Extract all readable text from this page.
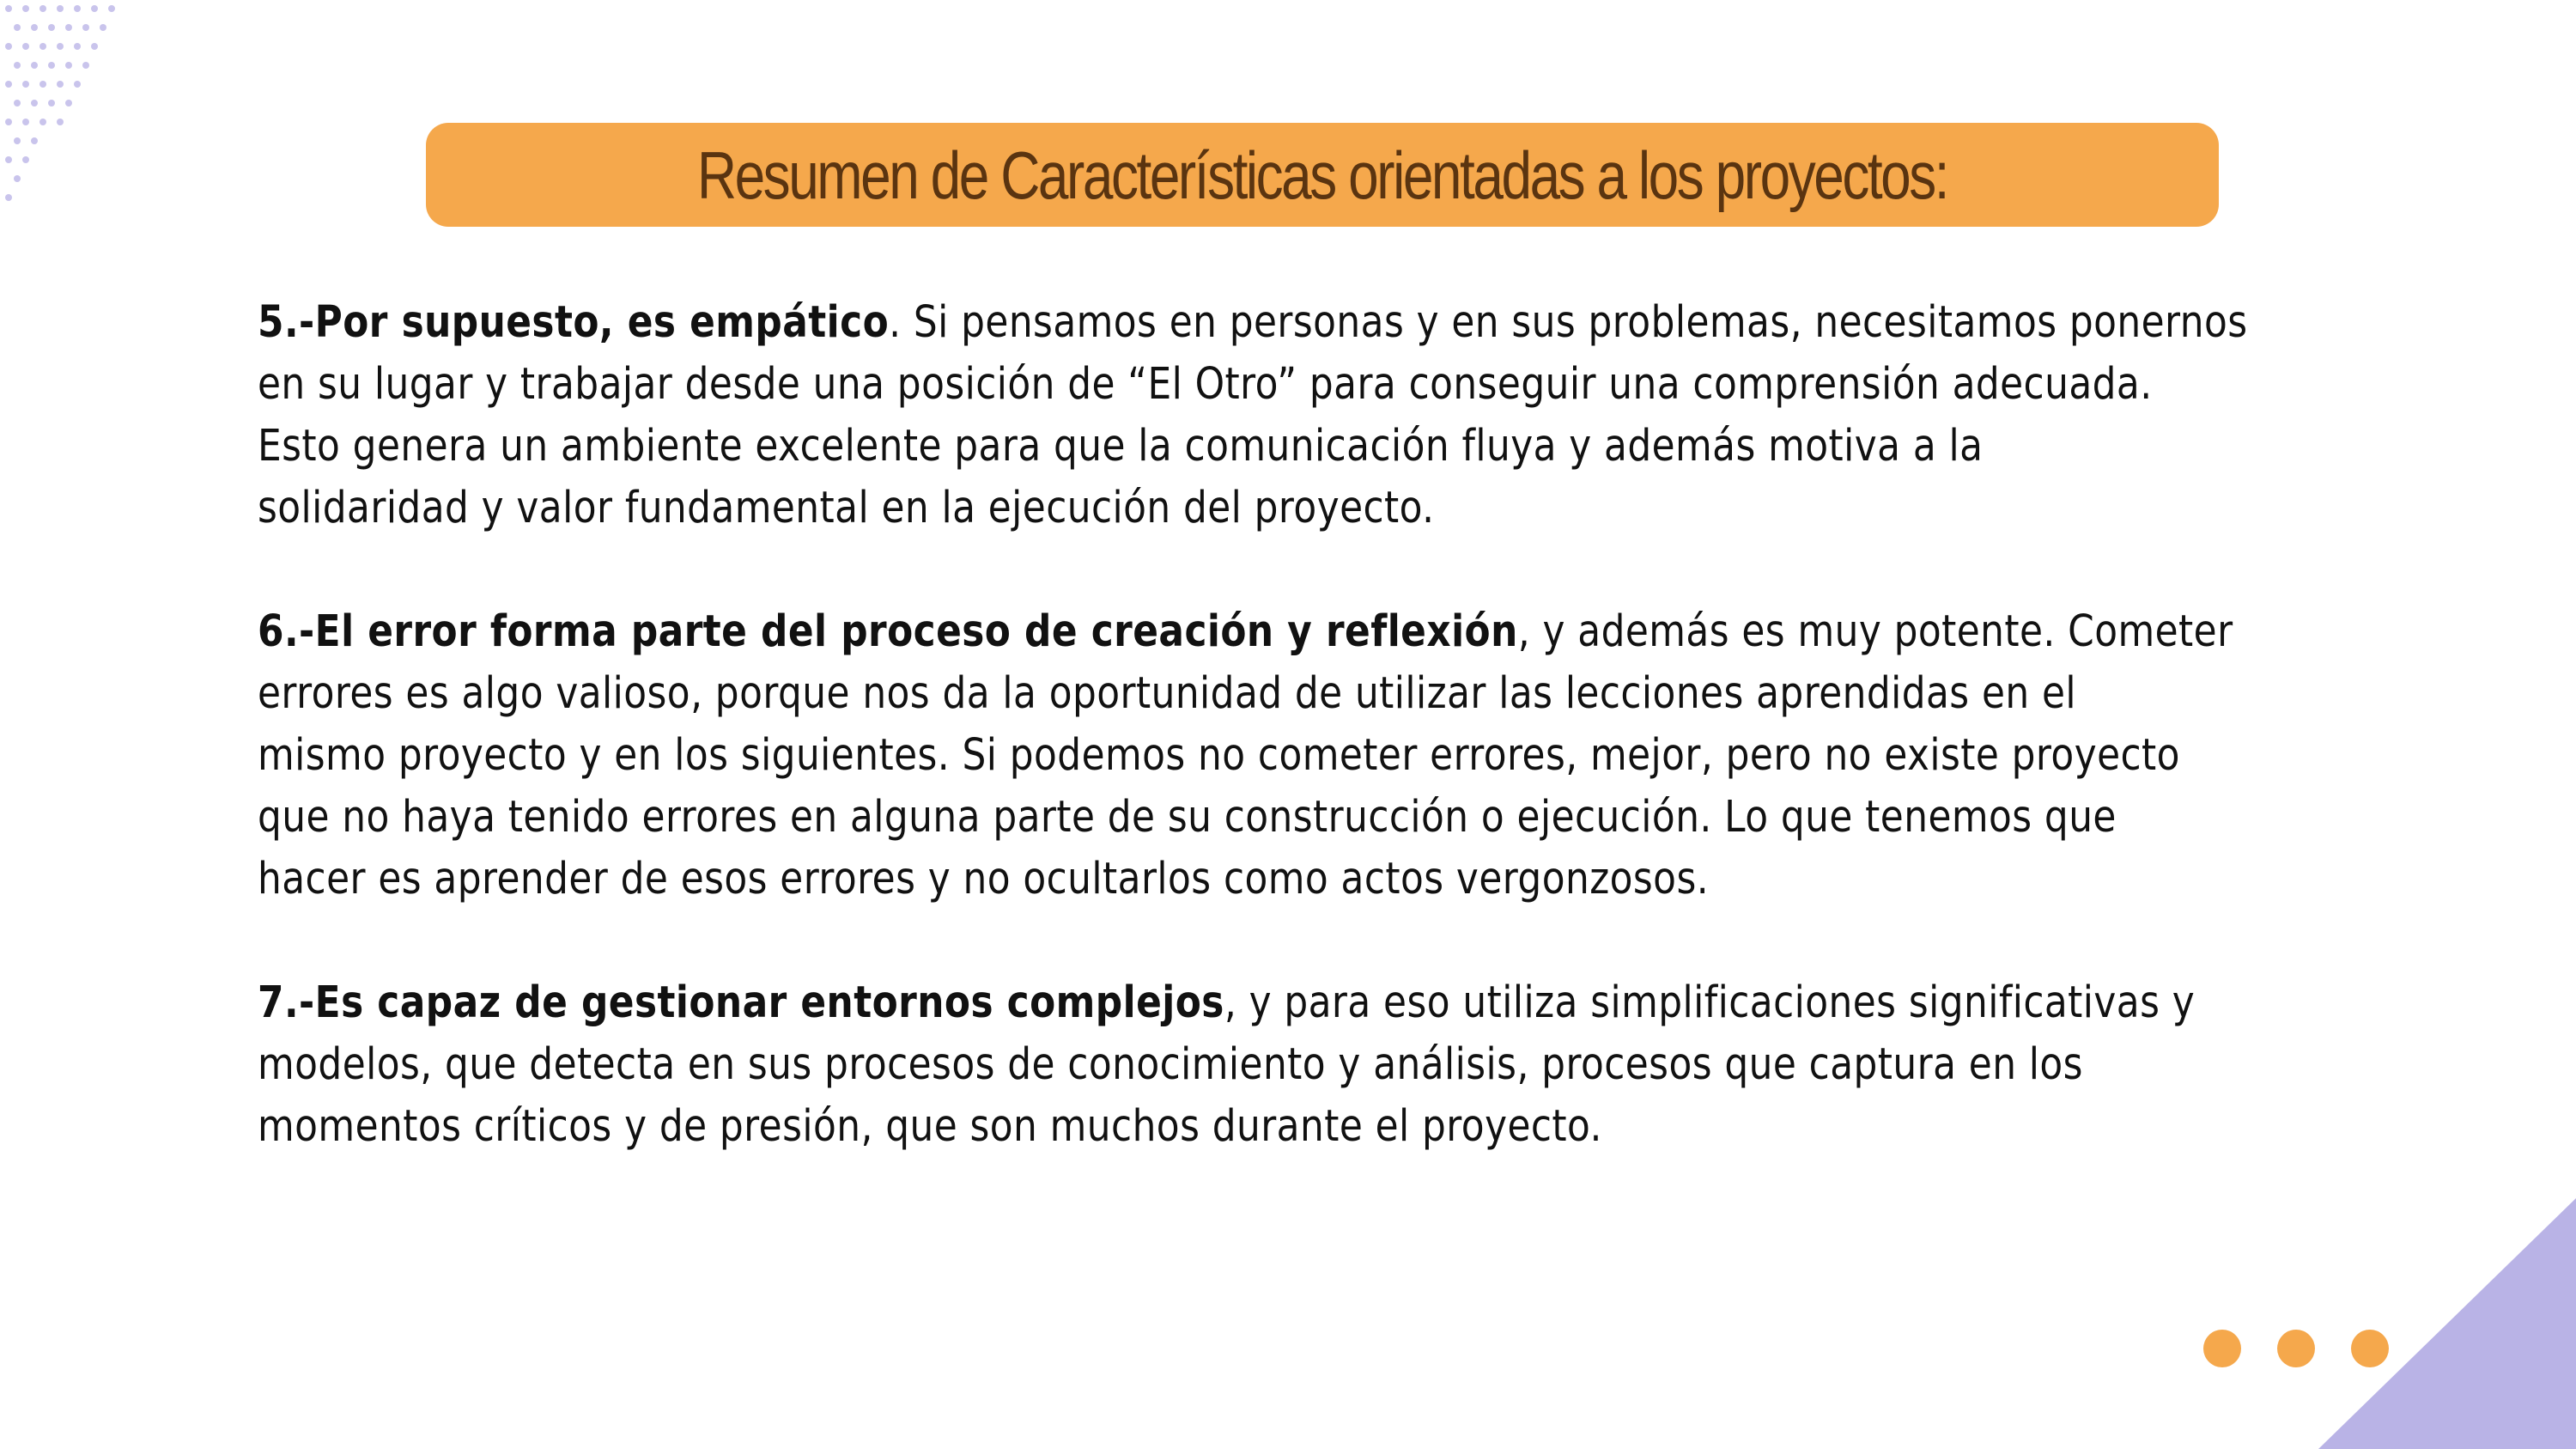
Resumen de Características orientadas a los proyectos:

5.-Por supuesto, es empático. Si pensamos en personas y en sus problemas, necesitamos ponernos
en su lugar y trabajar desde una posición de “El Otro” para conseguir una comprensión adecuada.
Esto genera un ambiente excelente para que la comunicación fluya y además motiva a la
solidaridad y valor fundamental en la ejecución del proyecto.

6.-El error forma parte del proceso de creación y reflexión, y además es muy potente. Cometer
errores es algo valioso, porque nos da la oportunidad de utilizar las lecciones aprendidas en el
mismo proyecto y en los siguientes. Si podemos no cometer errores, mejor, pero no existe proyecto
que no haya tenido errores en alguna parte de su construcción o ejecución. Lo que tenemos que
hacer es aprender de esos errores y no ocultarlos como actos vergonzosos.

7.-Es capaz de gestionar entornos complejos, y para eso utiliza simplificaciones significativas y
modelos, que detecta en sus procesos de conocimiento y análisis, procesos que captura en los
momentos críticos y de presión, que son muchos durante el proyecto.
